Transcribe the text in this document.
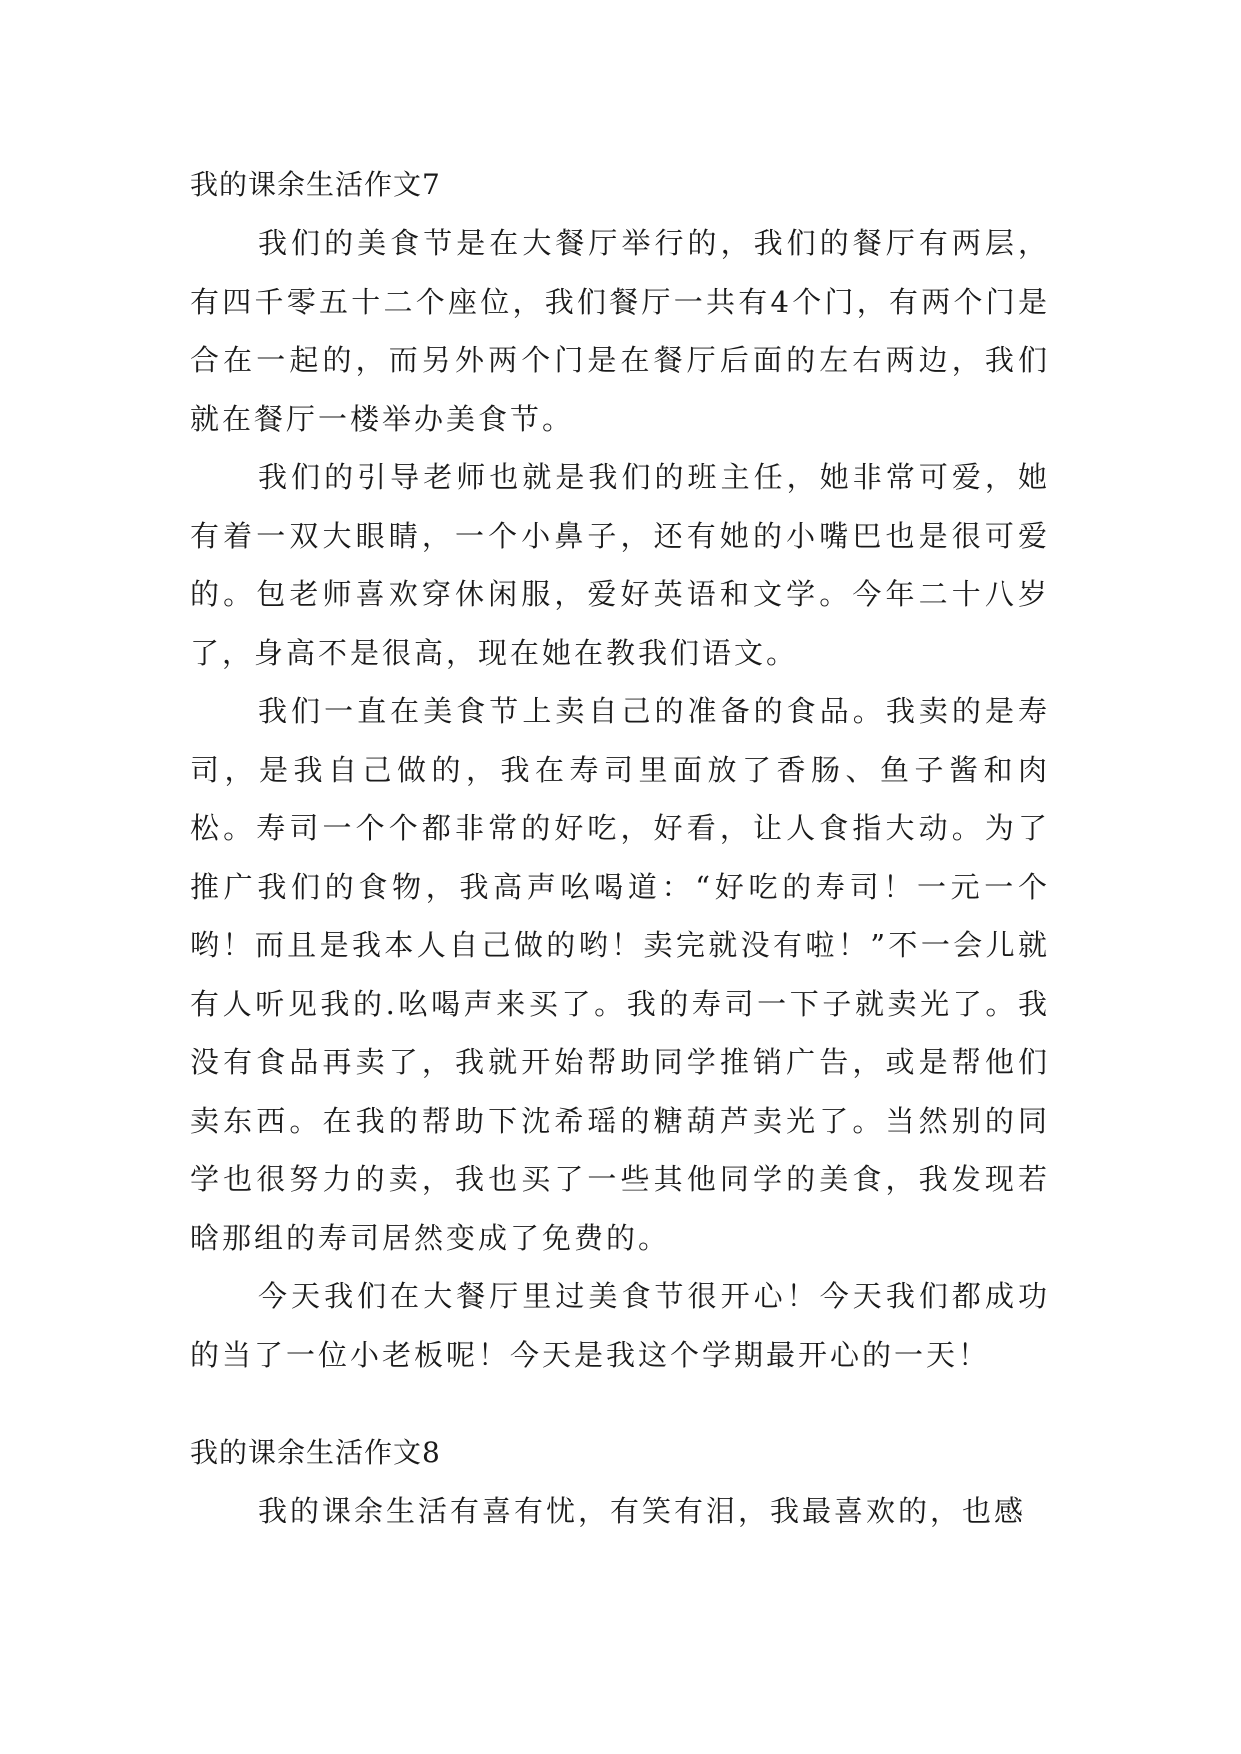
我的课余生活作文7

我们的美食节是在大餐厅举行的，我们的餐厅有两层，有四千零五十二个座位，我们餐厅一共有4个门，有两个门是合在一起的，而另外两个门是在餐厅后面的左右两边，我们就在餐厅一楼举办美食节。

我们的引导老师也就是我们的班主任，她非常可爱，她有着一双大眼睛，一个小鼻子，还有她的小嘴巴也是很可爱的。包老师喜欢穿休闲服，爱好英语和文学。今年二十八岁了，身高不是很高，现在她在教我们语文。

我们一直在美食节上卖自己的准备的食品。我卖的是寿司，是我自己做的，我在寿司里面放了香肠、鱼子酱和肉松。寿司一个个都非常的好吃，好看，让人食指大动。为了推广我们的食物，我高声吆喝道：“好吃的寿司！一元一个哟！而且是我本人自己做的哟！卖完就没有啦！”不一会儿就有人听见我的.吆喝声来买了。我的寿司一下子就卖光了。我没有食品再卖了，我就开始帮助同学推销广告，或是帮他们卖东西。在我的帮助下沈希瑶的糖葫芦卖光了。当然别的同学也很努力的卖，我也买了一些其他同学的美食，我发现若晗那组的寿司居然变成了免费的。

今天我们在大餐厅里过美食节很开心！今天我们都成功的当了一位小老板呢！今天是我这个学期最开心的一天！

我的课余生活作文8

我的课余生活有喜有忧，有笑有泪，我最喜欢的，也感
